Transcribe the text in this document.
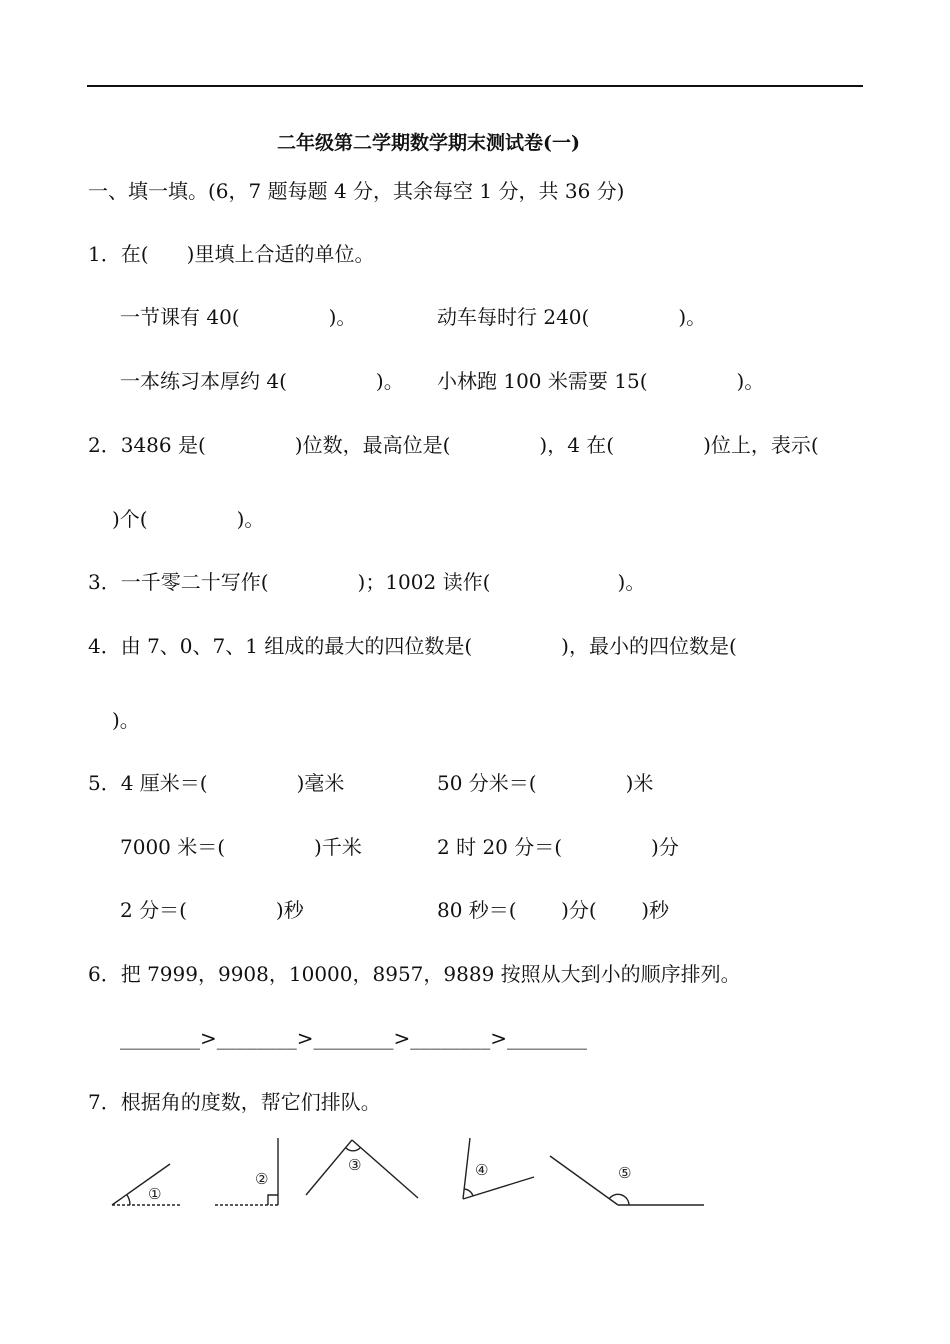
二年级第二学期数学期末测试卷(一)
一、填一填。(6，7 题每题 4 分，其余每空 1 分，共 36 分)
1．在(      )里填上合适的单位。
一节课有 40(              )。	动车每时行 240(              )。
一本练习本厚约 4(              )。 小林跑 100 米需要 15(              )。
2．3486 是(              )位数，最高位是(              )，4 在(              )位上，表示(
)个(              )。
3．一千零二十写作(              )；1002 读作(                    )。
4．由 7、0、7、1 组成的最大的四位数是(              )，最小的四位数是(
)。
5．4 厘米＝(              )毫米	50 分米＝(              )米
7000 米＝(              )千米	2 时 20 分＝(              )分
2 分＝(              )秒	80 秒＝(       )分(       )秒
6．把 7999，9908，10000，8957，9889 按照从大到小的顺序排列。
________>________>________>________>________
7．根据角的度数，帮它们排队。
①
②
③	④	⑤
